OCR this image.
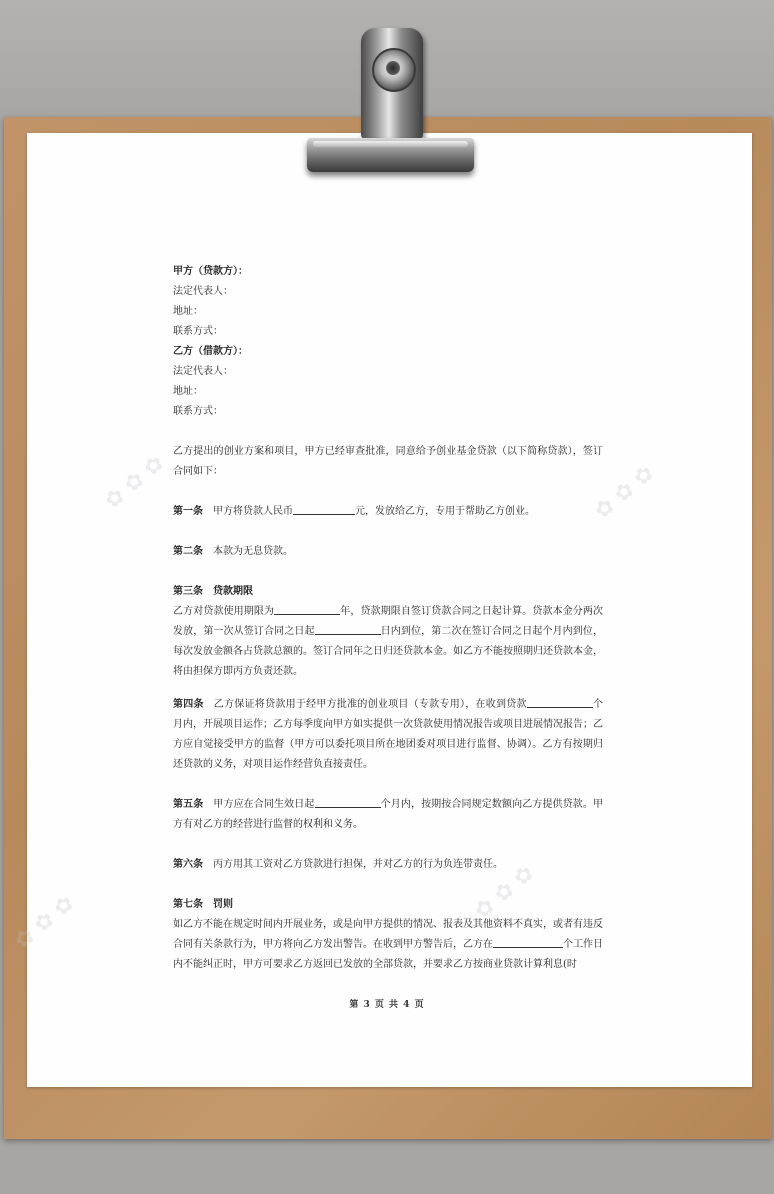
✿ ✿ ✿	✿ ✿ ✿
✿ ✿ ✿	✿ ✿ ✿

甲方（贷款方）：

法定代表人：

地址：

联系方式：

乙方（借款方）：

法定代表人：

地址：

联系方式：

乙方提出的创业方案和项目，甲方已经审查批准，同意给予创业基金贷款（以下简称贷款），签订合同如下：

第一条 甲方将贷款人民币	元，发放给乙方，专用于帮助乙方创业。

第二条 本款为无息贷款。

第三条 贷款期限

乙方对贷款使用期限为	年，贷款期限自签订贷款合同之日起计算。贷款本金分两次发放，第一次从签订合同之日起	日内到位，第二次在签订合同之日起个月内到位，每次发放金额各占贷款总额的。签订合同年之日归还贷款本金。如乙方不能按照期归还贷款本金，将由担保方即丙方负责还款。

第四条 乙方保证将贷款用于经甲方批准的创业项目（专款专用），在收到贷款	个月内，开展项目运作；乙方每季度向甲方如实提供一次贷款使用情况报告或项目进展情况报告；乙方应自觉接受甲方的监督（甲方可以委托项目所在地团委对项目进行监督、协调）。乙方有按期归还贷款的义务，对项目运作经营负直接责任。

第五条 甲方应在合同生效日起	个月内，按期按合同规定数额向乙方提供贷款。甲方有对乙方的经营进行监督的权利和义务。

第六条 丙方用其工资对乙方贷款进行担保，并对乙方的行为负连带责任。

第七条 罚则

如乙方不能在规定时间内开展业务，或是向甲方提供的情况、报表及其他资料不真实，或者有违反合同有关条款行为，甲方将向乙方发出警告。在收到甲方警告后，乙方在	个工作日内不能纠正时，甲方可要求乙方返回已发放的全部贷款，并要求乙方按商业贷款计算利息(时

第 3 页 共 4 页
